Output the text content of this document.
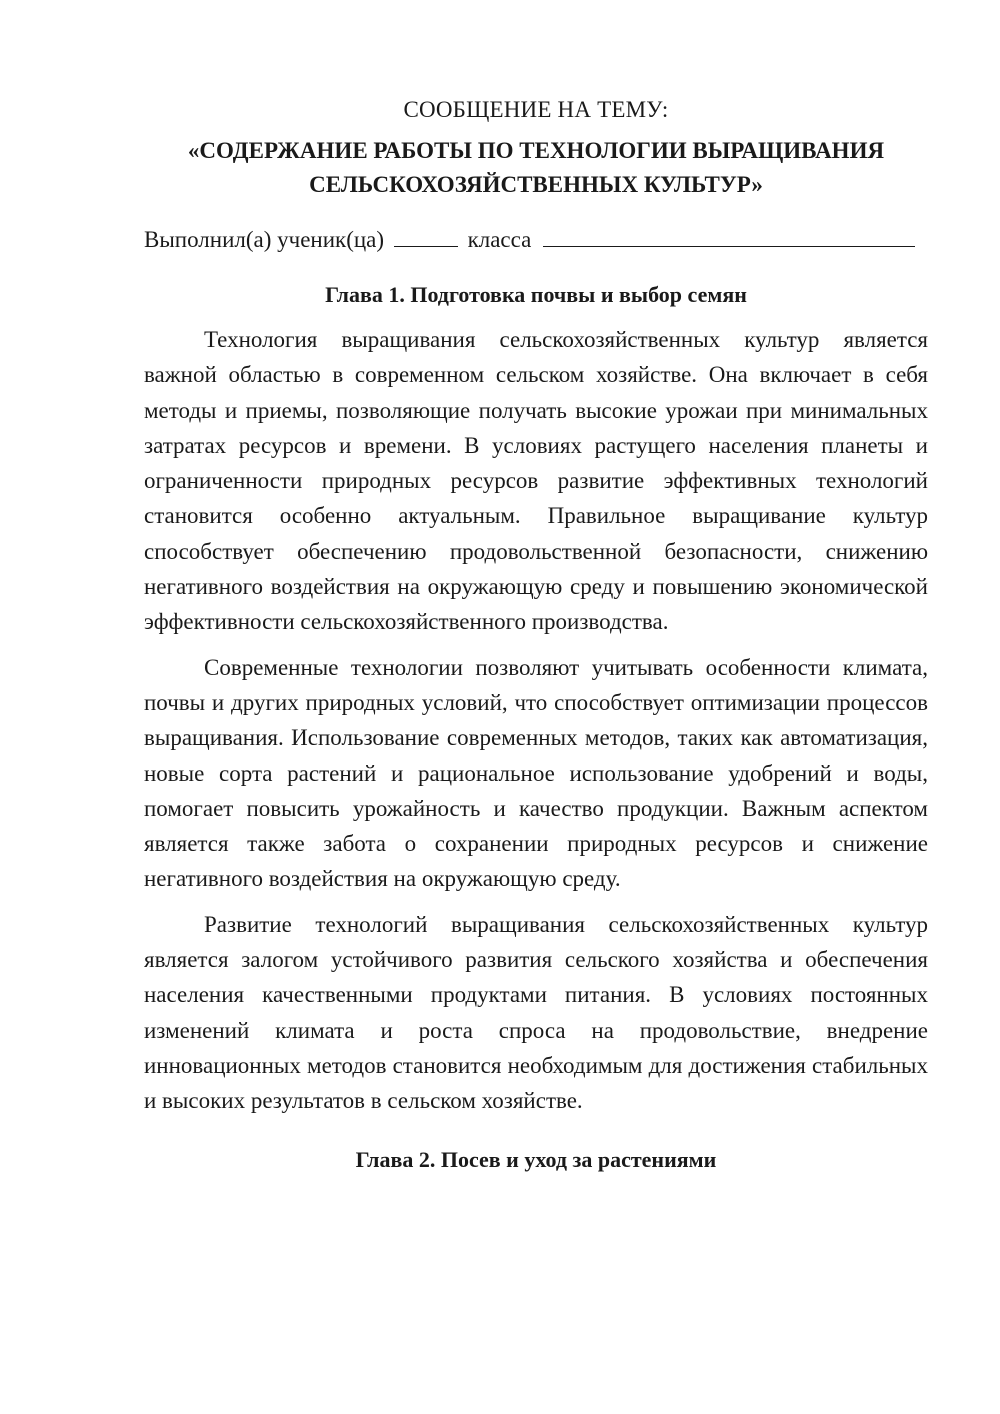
СООБЩЕНИЕ НА ТЕМУ:

«СОДЕРЖАНИЕ РАБОТЫ ПО ТЕХНОЛОГИИ ВЫРАЩИВАНИЯ
СЕЛЬСКОХОЗЯЙСТВЕННЫХ КУЛЬТУР»
Выполнил(а) ученик(ца)	класса
Глава 1. Подготовка почвы и выбор семян

Технология выращивания сельскохозяйственных культур является важной областью в современном сельском хозяйстве. Она включает в себя методы и приемы, позволяющие получать высокие урожаи при минимальных затратах ресурсов и времени. В условиях растущего населения планеты и ограниченности природных ресурсов развитие эффективных технологий становится особенно актуальным. Правильное выращивание культур способствует обеспечению продовольственной безопасности, снижению негативного воздействия на окружающую среду и повышению экономической эффективности сельскохозяйственного производства.

Современные технологии позволяют учитывать особенности климата, почвы и других природных условий, что способствует оптимизации процессов выращивания. Использование современных методов, таких как автоматизация, новые сорта растений и рациональное использование удобрений и воды, помогает повысить урожайность и качество продукции. Важным аспектом является также забота о сохранении природных ресурсов и снижение негативного воздействия на окружающую среду.

Развитие технологий выращивания сельскохозяйственных культур является залогом устойчивого развития сельского хозяйства и обеспечения населения качественными продуктами питания. В условиях постоянных изменений климата и роста спроса на продовольствие, внедрение инновационных методов становится необходимым для достижения стабильных и высоких результатов в сельском хозяйстве.

Глава 2. Посев и уход за растениями
